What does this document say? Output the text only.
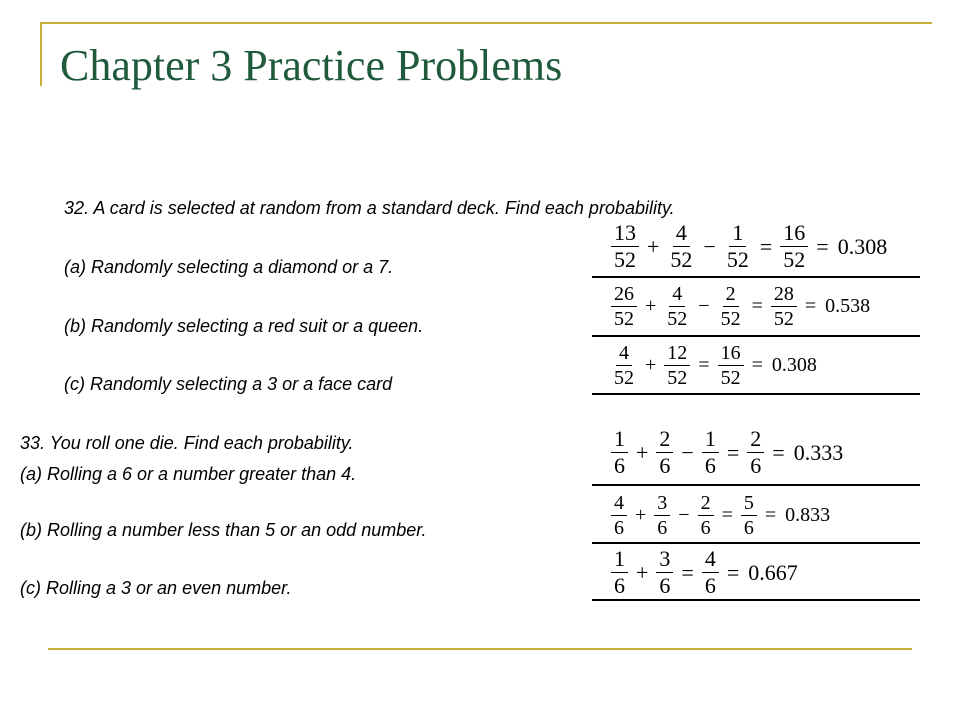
Chapter 3 Practice Problems
32. A card is selected at random from a standard deck. Find each probability.
(a) Randomly selecting a diamond or a 7.
(b) Randomly selecting a red suit or a queen.
(c) Randomly selecting a 3 or a face card
$\frac{13}{52} + \frac{4}{52} - \frac{1}{52} = \frac{16}{52} = 0.308$
$\frac{26}{52} + \frac{4}{52} - \frac{2}{52} = \frac{28}{52} = 0.538$
$\frac{4}{52} + \frac{12}{52} = \frac{16}{52} = 0.308$
33. You roll one die. Find each probability.
(a) Rolling a 6 or a number greater than 4.
(b) Rolling a number less than 5 or an odd number.
(c) Rolling a 3 or an even number.
$\frac{1}{6} + \frac{2}{6} - \frac{1}{6} = \frac{2}{6} = 0.333$
$\frac{4}{6} + \frac{3}{6} - \frac{2}{6} = \frac{5}{6} = 0.833$
$\frac{1}{6} + \frac{3}{6} = \frac{4}{6} = 0.667$
